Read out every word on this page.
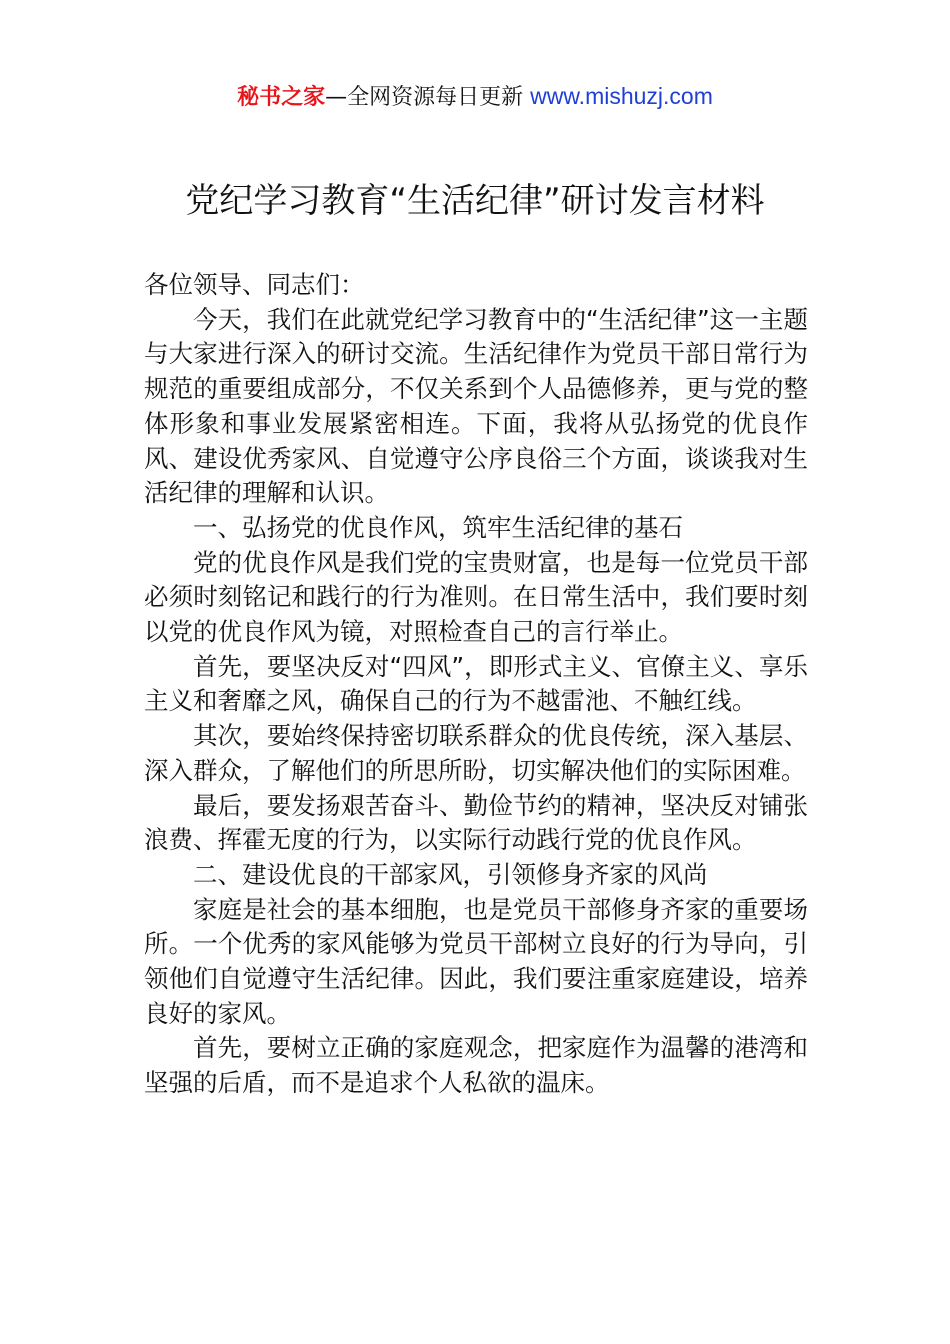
秘书之家—全网资源每日更新 www.mishuzj.com
党纪学习教育“生活纪律”研讨发言材料

各位领导、同志们：

今天，我们在此就党纪学习教育中的“生活纪律”这一主题与大家进行深入的研讨交流。生活纪律作为党员干部日常行为规范的重要组成部分，不仅关系到个人品德修养，更与党的整体形象和事业发展紧密相连。下面，我将从弘扬党的优良作风、建设优秀家风、自觉遵守公序良俗三个方面，谈谈我对生活纪律的理解和认识。

一、弘扬党的优良作风，筑牢生活纪律的基石

党的优良作风是我们党的宝贵财富，也是每一位党员干部必须时刻铭记和践行的行为准则。在日常生活中，我们要时刻以党的优良作风为镜，对照检查自己的言行举止。

首先，要坚决反对“四风”，即形式主义、官僚主义、享乐主义和奢靡之风，确保自己的行为不越雷池、不触红线。

其次，要始终保持密切联系群众的优良传统，深入基层、深入群众，了解他们的所思所盼，切实解决他们的实际困难。

最后，要发扬艰苦奋斗、勤俭节约的精神，坚决反对铺张浪费、挥霍无度的行为，以实际行动践行党的优良作风。

二、建设优良的干部家风，引领修身齐家的风尚

家庭是社会的基本细胞，也是党员干部修身齐家的重要场所。一个优秀的家风能够为党员干部树立良好的行为导向，引领他们自觉遵守生活纪律。因此，我们要注重家庭建设，培养良好的家风。

首先，要树立正确的家庭观念，把家庭作为温馨的港湾和坚强的后盾，而不是追求个人私欲的温床。
